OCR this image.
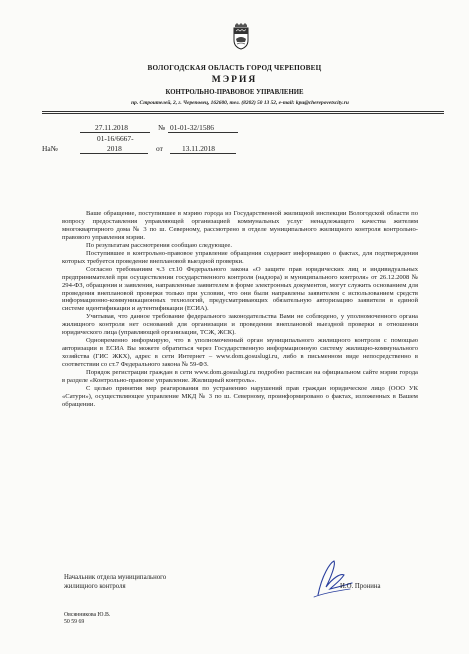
ВОЛОГОДСКАЯ ОБЛАСТЬ ГОРОД ЧЕРЕПОВЕЦ
МЭРИЯ
КОНТРОЛЬНО-ПРАВОВОЕ УПРАВЛЕНИЕ
пр. Строителей, 2, г. Череповец, 162600, тел. (8202) 50 13 52, e-mail: kpu@cherepovetscity.ru
27.11.2018	№ 01-01-32/1586
01-16/6667-
На№	2018	от	13.11.2018

Ваше обращение, поступившее в мэрию города из Государственной жилищной инспекции Вологодской области по вопросу предоставления управляющей организацией коммунальных услуг ненадлежащего качества жителям многоквартирного дома № 3 по ш. Северному, рассмотрено в отделе муниципального жилищного контроля контрольно-правового управления мэрии.

По результатам рассмотрения сообщаю следующее.

Поступившее в контрольно-правовое управление обращения содержит информацию о фактах, для подтверждения которых требуется проведение внеплановой выездной проверки.

Согласно требованиям ч.3 ст.10 Федерального закона «О защите прав юридических лиц и индивидуальных предпринимателей при осуществлении государственного контроля (надзора) и муниципального контроля» от 26.12.2008 № 294-ФЗ, обращения и заявления, направленные заявителем в форме электронных документов, могут служить основанием для проведения внеплановой проверки только при условии, что они были направлены заявителем с использованием средств информационно-коммуникационных технологий, предусматривающих обязательную авторизацию заявителя в единой системе идентификации и аутентификации (ЕСИА).

Учитывая, что данное требование федерального законодательства Вами не соблюдено, у уполномоченного органа жилищного контроля нет оснований для организации и проведения внеплановой выездной проверки в отношении юридического лица (управляющей организации, ТСЖ, ЖСК).

Одновременно информирую, что в уполномоченный орган муниципального жилищного контроля с помощью авторизации в ЕСИА Вы можете обратиться через Государственную информационную систему жилищно-коммунального хозяйства (ГИС ЖКХ), адрес в сети Интернет – www.dom.gosuslugi.ru, либо в письменном виде непосредственно в соответствии со ст.7 Федерального закона № 59-ФЗ.

Порядок регистрации граждан в сети www.dom.gosuslugi.ru подробно расписан на официальном сайте мэрии города в разделе «Контрольно-правовое управление. Жилищный контроль».

С целью принятия мер реагирования по устранению нарушений прав граждан юридическое лицо (ООО УК «Сатурн»), осуществляющее управление МКД № 3 по ш. Северному, проинформировано о фактах, изложенных в Вашем обращении.

Начальник отдела муниципального
жилищного контроля	И.О. Пронина
Овсянникова Ю.В.
50 59 69
